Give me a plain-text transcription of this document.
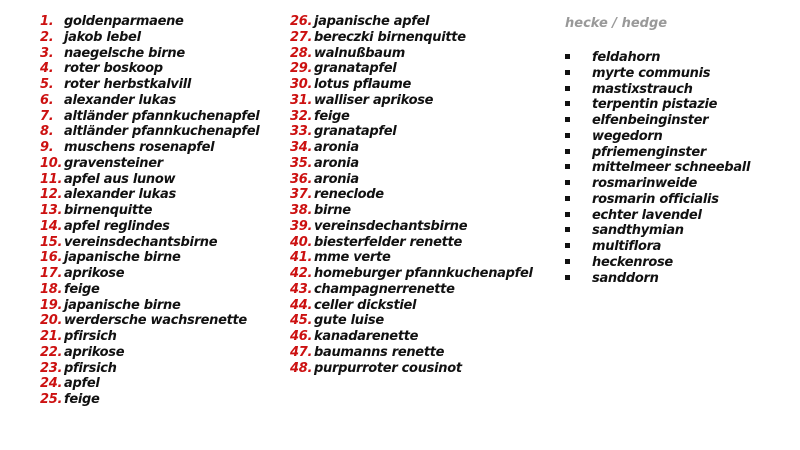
1. goldenparmaene
2. jakob lebel
3. naegelsche birne
4. roter boskoop
5. roter herbstkalvill
6. alexander lukas
7. altländer pfannkuchenapfel
8. altländer pfannkuchenapfel
9. muschens rosenapfel
10. gravensteiner
11. apfel aus lunow
12. alexander lukas
13. birnenquitte
14. apfel reglindes
15. vereinsdechantsbirne
16. japanische birne
17. aprikose
18. feige
19. japanische birne
20. werdersche wachsrenette
21. pfirsich
22. aprikose
23. pfirsich
24. apfel
25. feige
26. japanische apfel
27. bereczki birnenquitte
28. walnußbaum
29. granatapfel
30. lotus pflaume
31. walliser aprikose
32. feige
33. granatapfel
34. aronia
35. aronia
36. aronia
37. reneclode
38. birne
39. vereinsdechantsbirne
40. biesterfelder renette
41. mme verte
42. homeburger pfannkuchenapfel
43. champagnerrenette
44. celler dickstiel
45. gute luise
46. kanadarenette
47. baumanns renette
48. purpurroter cousinot
hecke / hedge
feldahorn
myrte communis
mastixstrauch
terpentin pistazie
elfenbeinginster
wegedorn
pfriemenginster
mittelmeer schneeball
rosmarinweide
rosmarin officialis
echter lavendel
sandthymian
multiflora
heckenrose
sanddorn
